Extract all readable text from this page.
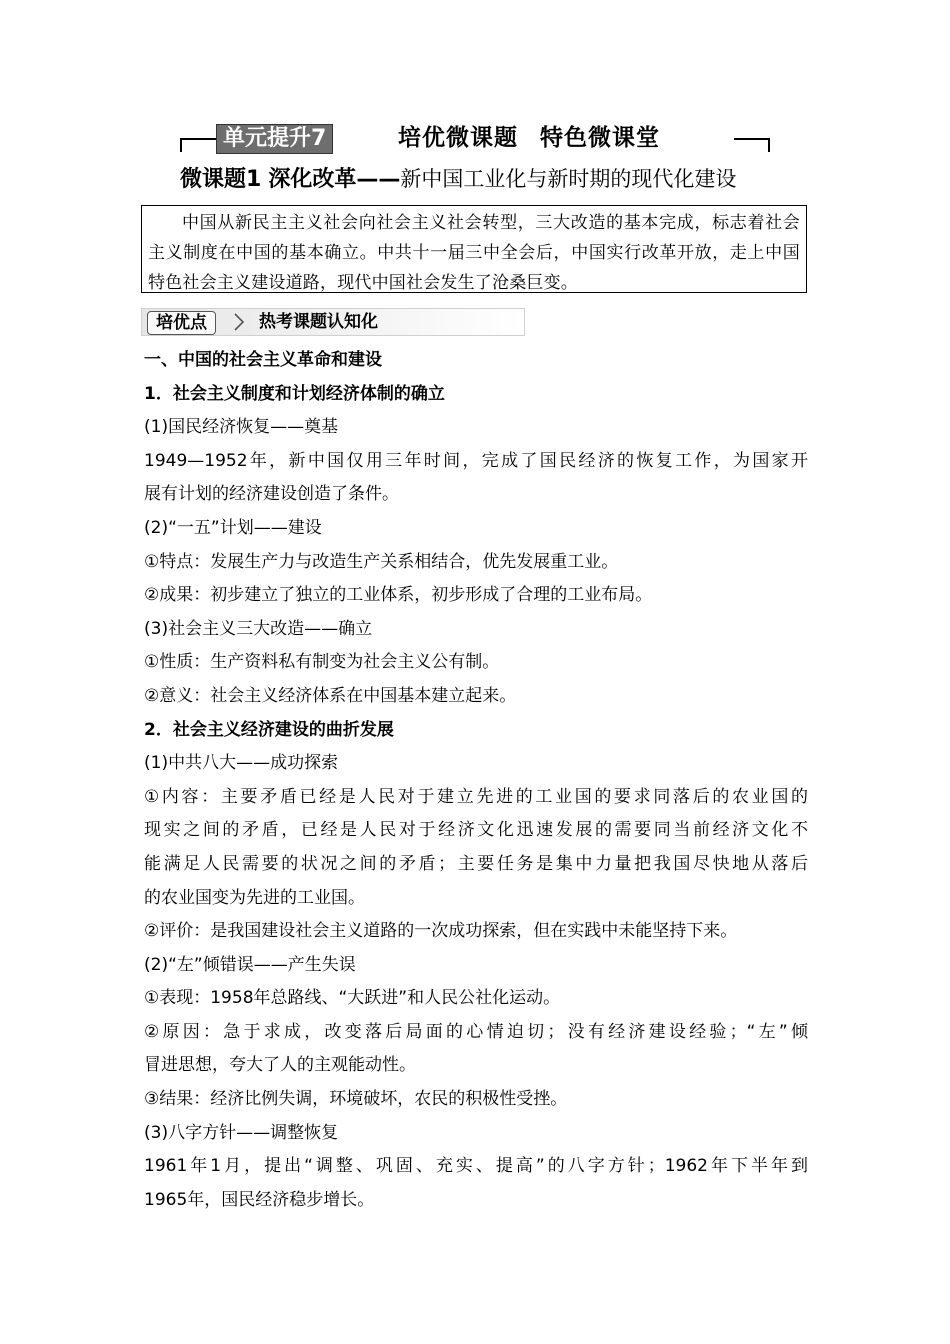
单元提升7	培优微课题 特色微课堂
微课题1 深化改革——新中国工业化与新时期的现代化建设

中国从新民主主义社会向社会主义社会转型，三大改造的基本完成，标志着社会主义制度在中国的基本确立。中共十一届三中全会后，中国实行改革开放，走上中国特色社会主义建设道路，现代中国社会发生了沧桑巨变。

培优点	热考课题认知化
一、中国的社会主义革命和建设
1．社会主义制度和计划经济体制的确立
(1)国民经济恢复——奠基
1949—1952年，新中国仅用三年时间，完成了国民经济的恢复工作，为国家开
展有计划的经济建设创造了条件。
(2)“一五”计划——建设
①特点：发展生产力与改造生产关系相结合，优先发展重工业。
②成果：初步建立了独立的工业体系，初步形成了合理的工业布局。
(3)社会主义三大改造——确立
①性质：生产资料私有制变为社会主义公有制。
②意义：社会主义经济体系在中国基本建立起来。
2．社会主义经济建设的曲折发展
(1)中共八大——成功探索
①内容：主要矛盾已经是人民对于建立先进的工业国的要求同落后的农业国的
现实之间的矛盾，已经是人民对于经济文化迅速发展的需要同当前经济文化不
能满足人民需要的状况之间的矛盾；主要任务是集中力量把我国尽快地从落后
的农业国变为先进的工业国。
②评价：是我国建设社会主义道路的一次成功探索，但在实践中未能坚持下来。
(2)“左”倾错误——产生失误
①表现：1958年总路线、“大跃进”和人民公社化运动。
②原因：急于求成，改变落后局面的心情迫切；没有经济建设经验；“左”倾
冒进思想，夸大了人的主观能动性。
③结果：经济比例失调，环境破坏，农民的积极性受挫。
(3)八字方针——调整恢复
1961年1月，提出“调整、巩固、充实、提高”的八字方针；1962年下半年到
1965年，国民经济稳步增长。
